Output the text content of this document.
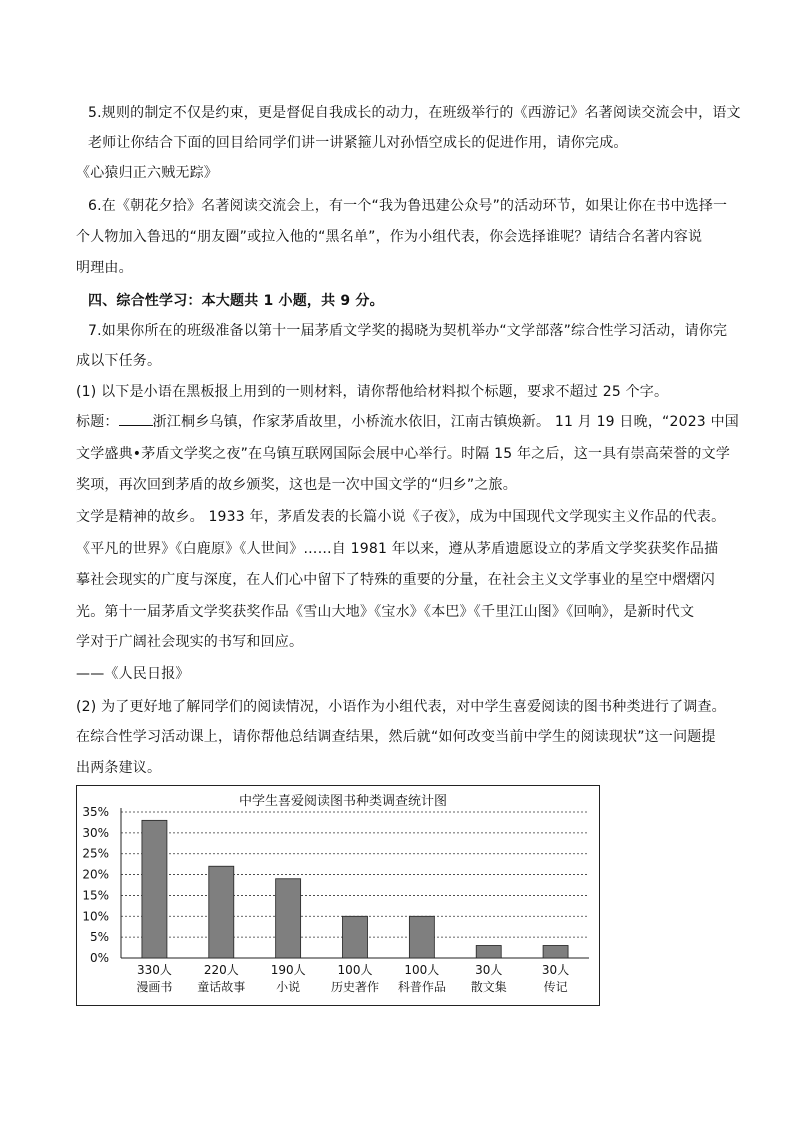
5.规则的制定不仅是约束，更是督促自我成长的动力，在班级举行的《西游记》名著阅读交流会中，语文
老师让你结合下面的回目给同学们讲一讲紧箍儿对孙悟空成长的促进作用，请你完成。
《心猿归正六贼无踪》
6.在《朝花夕拾》名著阅读交流会上，有一个“我为鲁迅建公众号”的活动环节，如果让你在书中选择一
个人物加入鲁迅的“朋友圈”或拉入他的“黑名单”，作为小组代表，你会选择谁呢？请结合名著内容说
明理由。
四、综合性学习：本大题共 1 小题，共 9 分。
7.如果你所在的班级准备以第十一届茅盾文学奖的揭晓为契机举办“文学部落”综合性学习活动，请你完
成以下任务。
(1) 以下是小语在黑板报上用到的一则材料，请你帮他给材料拟个标题，要求不超过 25 个字。
标题： 浙江桐乡乌镇，作家茅盾故里，小桥流水依旧，江南古镇焕新。 11 月 19 日晚，“2023 中国
文学盛典•茅盾文学奖之夜”在乌镇互联网国际会展中心举行。时隔 15 年之后，这一具有崇高荣誉的文学
奖项，再次回到茅盾的故乡颁奖，这也是一次中国文学的“归乡”之旅。
文学是精神的故乡。 1933 年，茅盾发表的长篇小说《子夜》，成为中国现代文学现实主义作品的代表。
《平凡的世界》《白鹿原》《人世间》……自 1981 年以来，遵从茅盾遗愿设立的茅盾文学奖获奖作品描
摹社会现实的广度与深度，在人们心中留下了特殊的重要的分量，在社会主义文学事业的星空中熠熠闪
光。第十一届茅盾文学奖获奖作品《雪山大地》《宝水》《本巴》《千里江山图》《回响》，是新时代文
学对于广阔社会现实的书写和回应。
——《人民日报》
(2) 为了更好地了解同学们的阅读情况，小语作为小组代表，对中学生喜爱阅读的图书种类进行了调查。
在综合性学习活动课上，请你帮他总结调查结果，然后就“如何改变当前中学生的阅读现状”这一问题提
出两条建议。
中学生喜爱阅读图书种类调查统计图
0%
5%
10%
15%
20%
25%
30%
35%
330人
漫画书
220人
童话故事
190人
小说
100人
历史著作
100人
科普作品
30人
散文集
30人
传记
